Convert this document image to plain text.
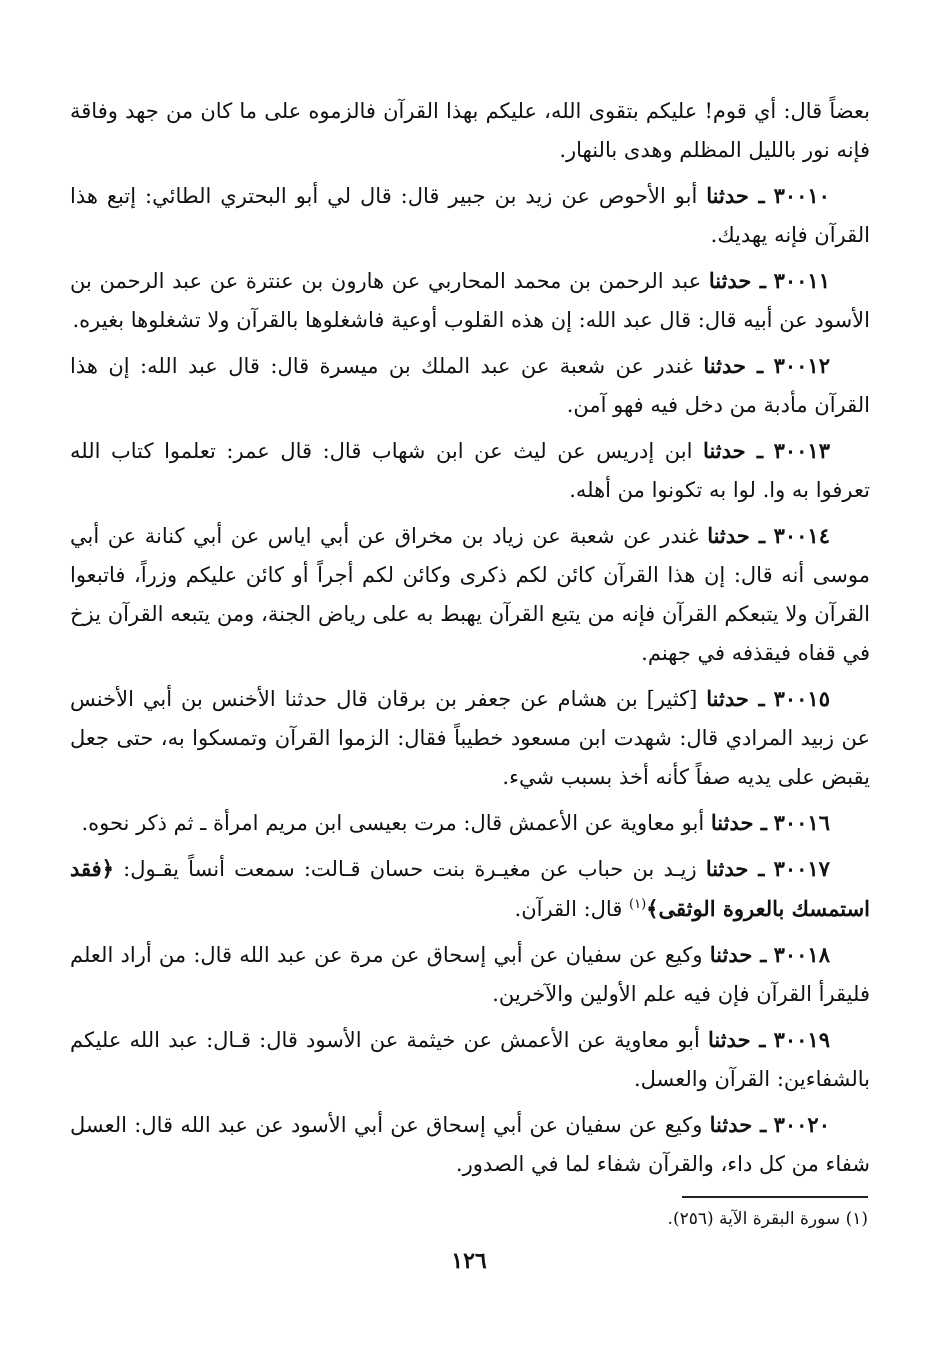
بعضاً قال: أي قوم! عليكم بتقوى الله، عليكم بهذا القرآن فالزموه على ما كان من جهد وفاقة فإنه نور بالليل المظلم وهدى بالنهار.

٣٠٠١٠ ـ حدثنا أبو الأحوص عن زيد بن جبير قال: قال لي أبو البحتري الطائي: إتبع هذا القرآن فإنه يهديك.

٣٠٠١١ ـ حدثنا عبد الرحمن بن محمد المحاربي عن هارون بن عنترة عن عبد الرحمن بن الأسود عن أبيه قال: قال عبد الله: إن هذه القلوب أوعية فاشغلوها بالقرآن ولا تشغلوها بغيره.

٣٠٠١٢ ـ حدثنا غندر عن شعبة عن عبد الملك بن ميسرة قال: قال عبد الله: إن هذا القرآن مأدبة من دخل فيه فهو آمن.

٣٠٠١٣ ـ حدثنا ابن إدريس عن ليث عن ابن شهاب قال: قال عمر: تعلموا كتاب الله تعرفوا به وا. لوا به تكونوا من أهله.

٣٠٠١٤ ـ حدثنا غندر عن شعبة عن زياد بن مخراق عن أبي اياس عن أبي كنانة عن أبي موسى أنه قال: إن هذا القرآن كائن لكم ذكرى وكائن لكم أجراً أو كائن عليكم وزراً، فاتبعوا القرآن ولا يتبعكم القرآن فإنه من يتبع القرآن يهبط به على رياض الجنة، ومن يتبعه القرآن يزخ في قفاه فيقذفه في جهنم.

٣٠٠١٥ ـ حدثنا [كثير] بن هشام عن جعفر بن برقان قال حدثنا الأخنس بن أبي الأخنس عن زبيد المرادي قال: شهدت ابن مسعود خطيباً فقال: الزموا القرآن وتمسكوا به، حتى جعل يقبض على يديه صفاً كأنه أخذ بسبب شيء.

٣٠٠١٦ ـ حدثنا أبو معاوية عن الأعمش قال: مرت بعيسى ابن مريم امرأة ـ ثم ذكر نحوه.

٣٠٠١٧ ـ حدثنا زيـد بن حباب عن مغيـرة بنت حسان قـالت: سمعت أنساً يقـول: ﴿فقد استمسك بالعروة الوثقى﴾$^{(١)}$ قال: القرآن.

٣٠٠١٨ ـ حدثنا وكيع عن سفيان عن أبي إسحاق عن مرة عن عبد الله قال: من أراد العلم فليقرأ القرآن فإن فيه علم الأولين والآخرين.

٣٠٠١٩ ـ حدثنا أبو معاوية عن الأعمش عن خيثمة عن الأسود قال: قـال: عبد الله عليكم بالشفاءين: القرآن والعسل.

٣٠٠٢٠ ـ حدثنا وكيع عن سفيان عن أبي إسحاق عن أبي الأسود عن عبد الله قال: العسل شفاء من كل داء، والقرآن شفاء لما في الصدور.

(١) سورة البقرة الآية (٢٥٦).
١٢٦
